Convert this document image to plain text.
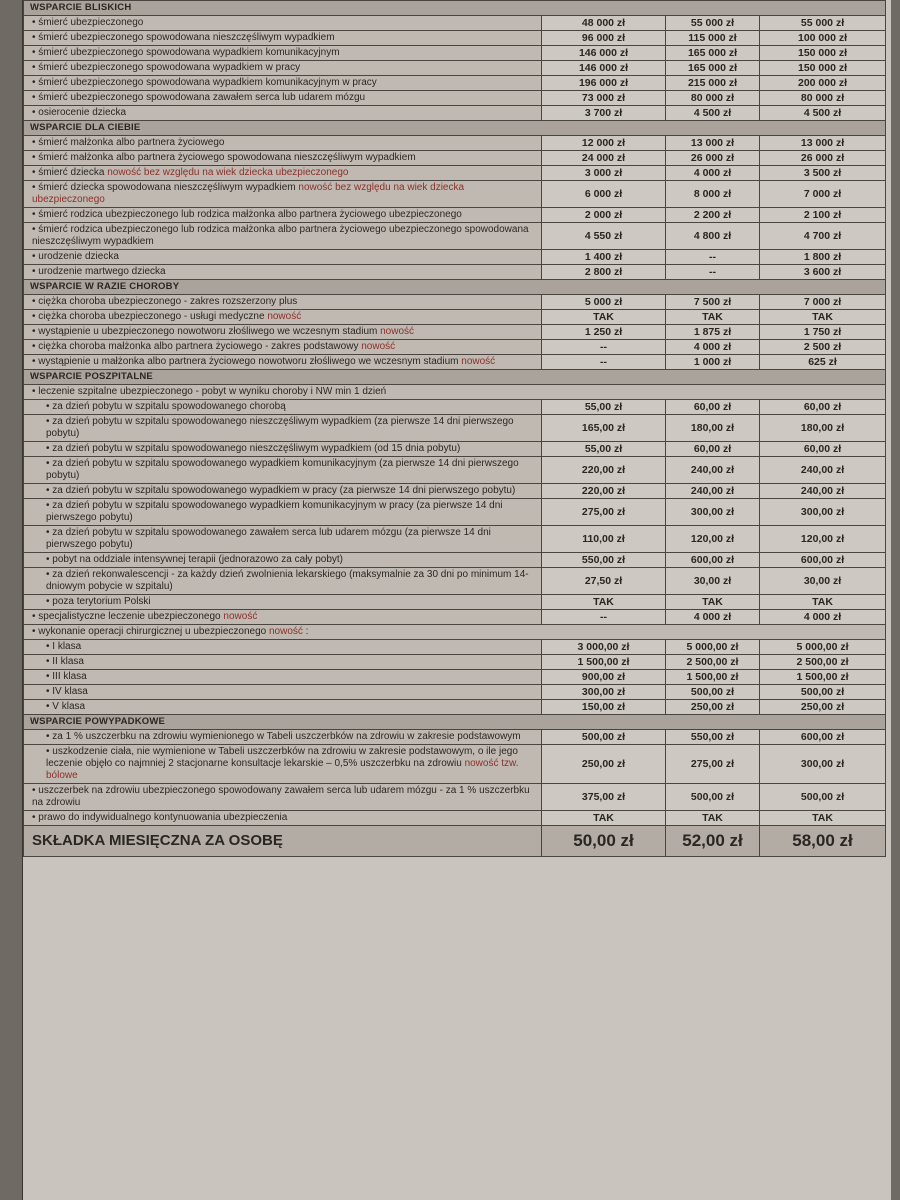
WSPARCIE BLISKICH			
• śmierć ubezpieczonego	48 000 zł	55 000 zł	55 000 zł
• śmierć ubezpieczonego spowodowana nieszczęśliwym wypadkiem	96 000 zł	115 000 zł	100 000 zł
• śmierć ubezpieczonego spowodowana wypadkiem komunikacyjnym	146 000 zł	165 000 zł	150 000 zł
• śmierć ubezpieczonego spowodowana wypadkiem w pracy	146 000 zł	165 000 zł	150 000 zł
• śmierć ubezpieczonego spowodowana wypadkiem komunikacyjnym w pracy	196 000 zł	215 000 zł	200 000 zł
• śmierć ubezpieczonego spowodowana zawałem serca lub udarem mózgu	73 000 zł	80 000 zł	80 000 zł
• osierocenie dziecka	3 700 zł	4 500 zł	4 500 zł
WSPARCIE DLA CIEBIE			
• śmierć małżonka albo partnera życiowego	12 000 zł	13 000 zł	13 000 zł
• śmierć małżonka albo partnera życiowego spowodowana nieszczęśliwym wypadkiem	24 000 zł	26 000 zł	26 000 zł
• śmierć dziecka nowość bez względu na wiek dziecka ubezpieczonego	3 000 zł	4 000 zł	3 500 zł
• śmierć dziecka spowodowana nieszczęśliwym wypadkiem nowość bez względu na wiek dziecka ubezpieczonego	6 000 zł	8 000 zł	7 000 zł
• śmierć rodzica ubezpieczonego lub rodzica małżonka albo partnera życiowego ubezpieczonego	2 000 zł	2 200 zł	2 100 zł
• śmierć rodzica ubezpieczonego lub rodzica małżonka albo partnera życiowego ubezpieczonego spowodowana nieszczęśliwym wypadkiem	4 550 zł	4 800 zł	4 700 zł
• urodzenie dziecka	1 400 zł	--	1 800 zł
• urodzenie martwego dziecka	2 800 zł	--	3 600 zł
WSPARCIE W RAZIE CHOROBY			
• ciężka choroba ubezpieczonego - zakres rozszerzony plus	5 000 zł	7 500 zł	7 000 zł
• ciężka choroba ubezpieczonego - usługi medyczne nowość	TAK	TAK	TAK
• wystąpienie u ubezpieczonego nowotworu złośliwego we wczesnym stadium nowość	1 250 zł	1 875 zł	1 750 zł
• ciężka choroba małżonka albo partnera życiowego - zakres podstawowy nowość	--	4 000 zł	2 500 zł
• wystąpienie u małżonka albo partnera życiowego nowotworu złośliwego we wczesnym stadium nowość	--	1 000 zł	625 zł
WSPARCIE POSZPITALNE			
• leczenie szpitalne ubezpieczonego - pobyt w wyniku choroby i NW min 1 dzień			
• za dzień pobytu w szpitalu spowodowanego chorobą	55,00 zł	60,00 zł	60,00 zł
• za dzień pobytu w szpitalu spowodowanego nieszczęśliwym wypadkiem (za pierwsze 14 dni pierwszego pobytu)	165,00 zł	180,00 zł	180,00 zł
• za dzień pobytu w szpitalu spowodowanego nieszczęśliwym wypadkiem (od 15 dnia pobytu)	55,00 zł	60,00 zł	60,00 zł
• za dzień pobytu w szpitalu spowodowanego wypadkiem komunikacyjnym (za pierwsze 14 dni pierwszego pobytu)	220,00 zł	240,00 zł	240,00 zł
• za dzień pobytu w szpitalu spowodowanego wypadkiem w pracy (za pierwsze 14 dni pierwszego pobytu)	220,00 zł	240,00 zł	240,00 zł
• za dzień pobytu w szpitalu spowodowanego wypadkiem komunikacyjnym w pracy (za pierwsze 14 dni pierwszego pobytu)	275,00 zł	300,00 zł	300,00 zł
• za dzień pobytu w szpitalu spowodowanego zawałem serca lub udarem mózgu (za pierwsze 14 dni pierwszego pobytu)	110,00 zł	120,00 zł	120,00 zł
• pobyt na oddziale intensywnej terapii (jednorazowo za cały pobyt)	550,00 zł	600,00 zł	600,00 zł
• za dzień rekonwalescencji - za każdy dzień zwolnienia lekarskiego (maksymalnie za 30 dni po minimum 14-dniowym pobycie w szpitalu)	27,50 zł	30,00 zł	30,00 zł
• poza terytorium Polski	TAK	TAK	TAK
• specjalistyczne leczenie ubezpieczonego nowość	--	4 000 zł	4 000 zł
• wykonanie operacji chirurgicznej u ubezpieczonego nowość :			
• I klasa	3 000,00 zł	5 000,00 zł	5 000,00 zł
• II klasa	1 500,00 zł	2 500,00 zł	2 500,00 zł
• III klasa	900,00 zł	1 500,00 zł	1 500,00 zł
• IV klasa	300,00 zł	500,00 zł	500,00 zł
• V klasa	150,00 zł	250,00 zł	250,00 zł
WSPARCIE POWYPADKOWE			
• za 1 % uszczerbku na zdrowiu wymienionego w Tabeli uszczerbków na zdrowiu w zakresie podstawowym	500,00 zł	550,00 zł	600,00 zł
• uszkodzenie ciała, nie wymienione w Tabeli uszczerbków na zdrowiu w zakresie podstawowym, o ile jego leczenie objęło co najmniej 2 stacjonarne konsultacje lekarskie – 0,5% uszczerbku na zdrowiu nowość tzw. bólowe	250,00 zł	275,00 zł	300,00 zł
• uszczerbek na zdrowiu ubezpieczonego spowodowany zawałem serca lub udarem mózgu - za 1 % uszczerbku na zdrowiu	375,00 zł	500,00 zł	500,00 zł
• prawo do indywidualnego kontynuowania ubezpieczenia	TAK	TAK	TAK
SKŁADKA MIESIĘCZNA ZA OSOBĘ	50,00 zł	52,00 zł	58,00 zł
